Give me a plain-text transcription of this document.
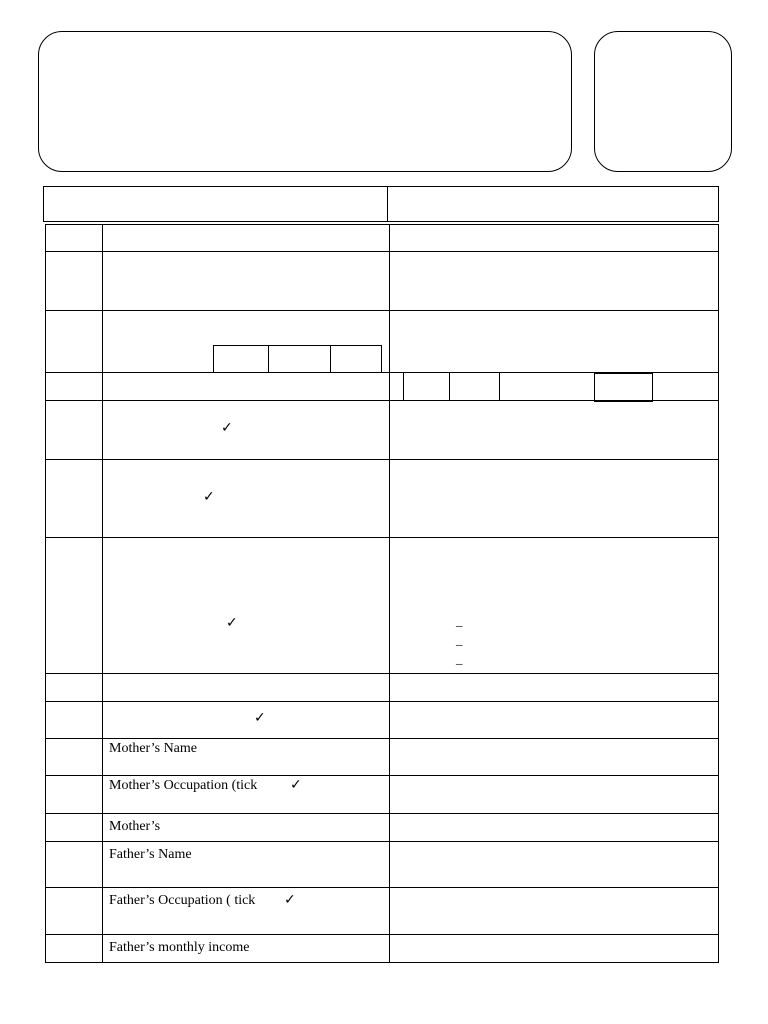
✓
✓
✓
✓
_
_
_
Mother’s Name
Mother’s Occupation (tick ✓
Mother’s
Father’s Name
Father’s Occupation ( tick ✓
Father’s monthly income
